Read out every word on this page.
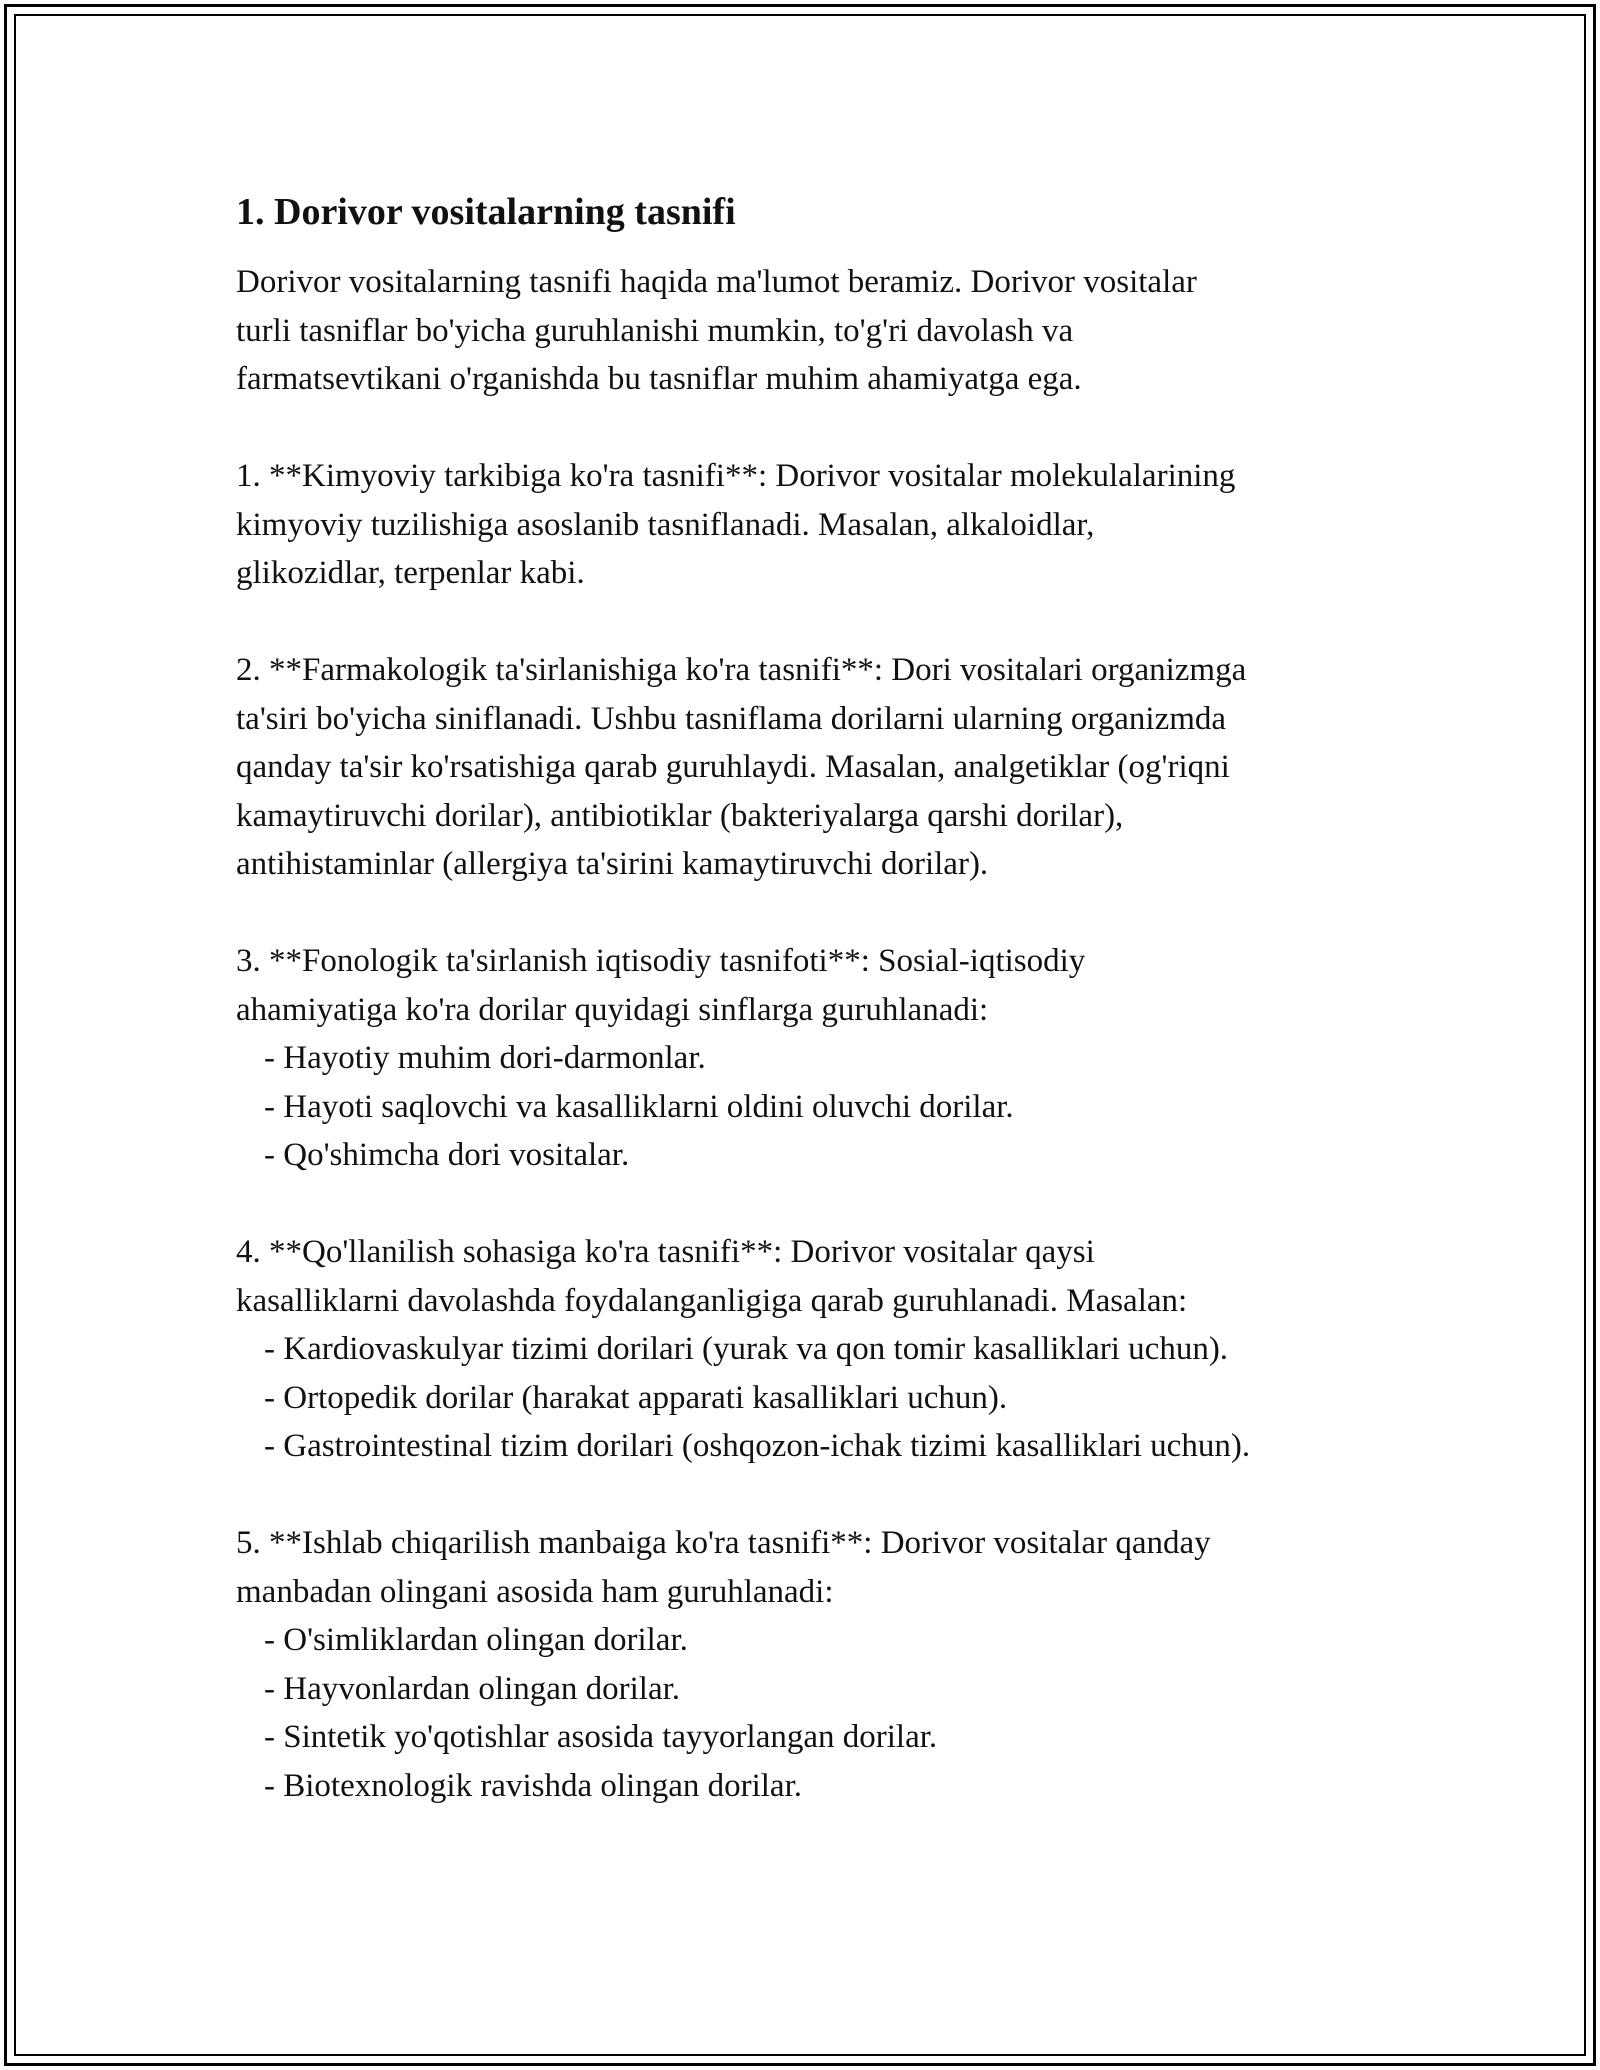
1. Dorivor vositalarning tasnifi
Dorivor vositalarning tasnifi haqida ma'lumot beramiz. Dorivor vositalar
turli tasniflar bo'yicha guruhlanishi mumkin, to'g'ri davolash va
farmatsevtikani o'rganishda bu tasniflar muhim ahamiyatga ega.
1. **Kimyoviy tarkibiga ko'ra tasnifi**: Dorivor vositalar molekulalarining
kimyoviy tuzilishiga asoslanib tasniflanadi. Masalan, alkaloidlar,
glikozidlar, terpenlar kabi.
2. **Farmakologik ta'sirlanishiga ko'ra tasnifi**: Dori vositalari organizmga
ta'siri bo'yicha siniflanadi. Ushbu tasniflama dorilarni ularning organizmda
qanday ta'sir ko'rsatishiga qarab guruhlaydi. Masalan, analgetiklar (og'riqni
kamaytiruvchi dorilar), antibiotiklar (bakteriyalarga qarshi dorilar),
antihistaminlar (allergiya ta'sirini kamaytiruvchi dorilar).
3. **Fonologik ta'sirlanish iqtisodiy tasnifoti**: Sosial-iqtisodiy
ahamiyatiga ko'ra dorilar quyidagi sinflarga guruhlanadi:
- Hayotiy muhim dori-darmonlar.
- Hayoti saqlovchi va kasalliklarni oldini oluvchi dorilar.
- Qo'shimcha dori vositalar.
4. **Qo'llanilish sohasiga ko'ra tasnifi**: Dorivor vositalar qaysi
kasalliklarni davolashda foydalanganligiga qarab guruhlanadi. Masalan:
- Kardiovaskulyar tizimi dorilari (yurak va qon tomir kasalliklari uchun).
- Ortopedik dorilar (harakat apparati kasalliklari uchun).
- Gastrointestinal tizim dorilari (oshqozon-ichak tizimi kasalliklari uchun).
5. **Ishlab chiqarilish manbaiga ko'ra tasnifi**: Dorivor vositalar qanday
manbadan olingani asosida ham guruhlanadi:
- O'simliklardan olingan dorilar.
- Hayvonlardan olingan dorilar.
- Sintetik yo'qotishlar asosida tayyorlangan dorilar.
- Biotexnologik ravishda olingan dorilar.
